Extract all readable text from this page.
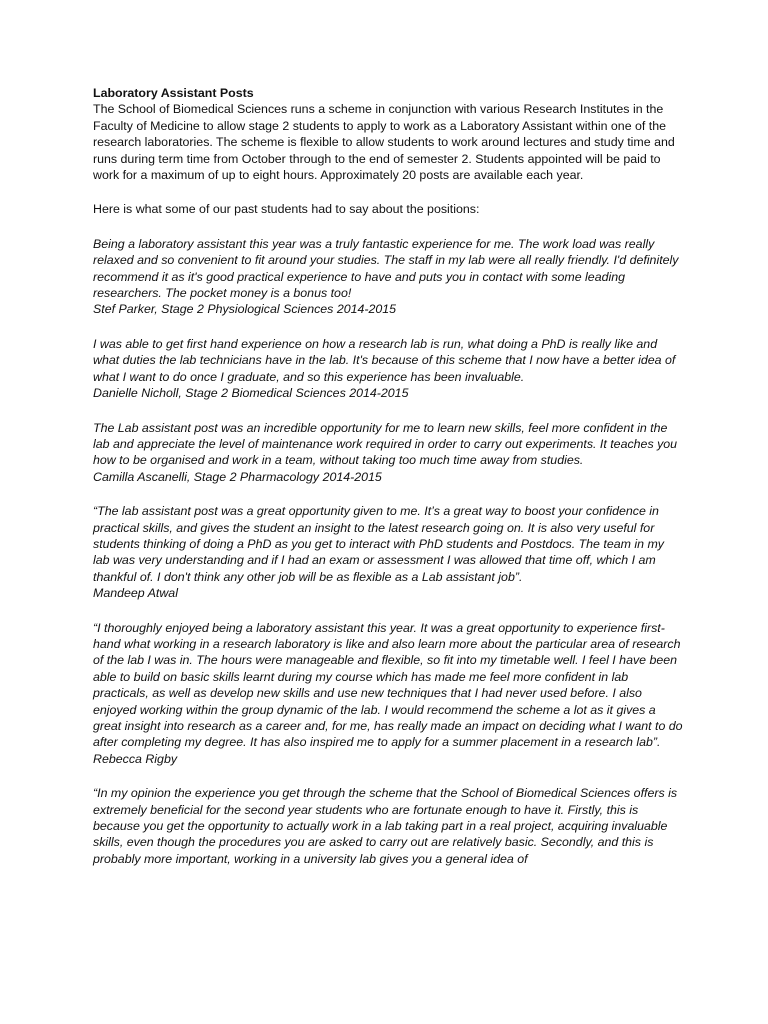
Laboratory Assistant Posts

The School of Biomedical Sciences runs a scheme in conjunction with various Research Institutes in the Faculty of Medicine to allow stage 2 students to apply to work as a Laboratory Assistant within one of the research laboratories. The scheme is flexible to allow students to work around lectures and study time and runs during term time from October through to the end of semester 2. Students appointed will be paid to work for a maximum of up to eight hours. Approximately 20 posts are available each year.

Here is what some of our past students had to say about the positions:

Being a laboratory assistant this year was a truly fantastic experience for me. The work load was really relaxed and so convenient to fit around your studies. The staff in my lab were all really friendly. I'd definitely recommend it as it's good practical experience to have and puts you in contact with some leading researchers. The pocket money is a bonus too!

Stef Parker, Stage 2 Physiological Sciences 2014-2015

I was able to get first hand experience on how a research lab is run, what doing a PhD is really like and what duties the lab technicians have in the lab. It's because of this scheme that I now have a better idea of what I want to do once I graduate, and so this experience has been invaluable.

Danielle Nicholl, Stage 2 Biomedical Sciences 2014-2015

The Lab assistant post was an incredible opportunity for me to learn new skills, feel more confident in the lab and appreciate the level of maintenance work required in order to carry out experiments. It teaches you how to be organised and work in a team, without taking too much time away from studies.

Camilla Ascanelli, Stage 2 Pharmacology 2014-2015

“The lab assistant post was a great opportunity given to me. It’s a great way to boost your confidence in practical skills, and gives the student an insight to the latest research going on. It is also very useful for students thinking of doing a PhD as you get to interact with PhD students and Postdocs. The team in my lab was very understanding and if I had an exam or assessment I was allowed that time off, which I am thankful of. I don't think any other job will be as flexible as a Lab assistant job”.

Mandeep Atwal

“I thoroughly enjoyed being a laboratory assistant this year. It was a great opportunity to experience first-hand what working in a research laboratory is like and also learn more about the particular area of research of the lab I was in. The hours were manageable and flexible, so fit into my timetable well. I feel I have been able to build on basic skills learnt during my course which has made me feel more confident in lab practicals, as well as develop new skills and use new techniques that I had never used before. I also enjoyed working within the group dynamic of the lab. I would recommend the scheme a lot as it gives a great insight into research as a career and, for me, has really made an impact on deciding what I want to do after completing my degree. It has also inspired me to apply for a summer placement in a research lab”.

Rebecca Rigby

“In my opinion the experience you get through the scheme that the School of Biomedical Sciences offers is extremely beneficial for the second year students who are fortunate enough to have it. Firstly, this is because you get the opportunity to actually work in a lab taking part in a real project, acquiring invaluable skills, even though the procedures you are asked to carry out are relatively basic. Secondly, and this is probably more important, working in a university lab gives you a general idea of
